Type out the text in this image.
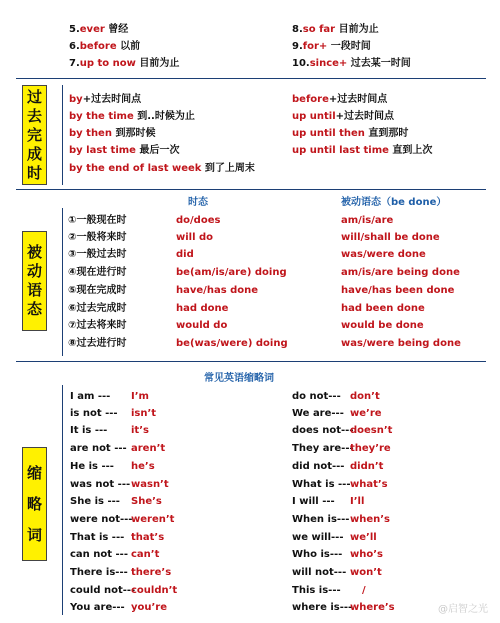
5.ever 曾经
6.before 以前
7.up to now 目前为止
8.so far 目前为止
9.for+ 一段时间
10.since+ 过去某一时间
过
去
完
成
时
by+过去时间点
by the time 到..时候为止
by then 到那时候
by last time 最后一次
by the end of last week 到了上周末
before+过去时间点
up until+过去时间点
up until then 直到那时
up until last time 直到上次
时态	被动语态（be done）
被
动
语
态
①一般现在时	do/does	am/is/are
②一般将来时	will do	will/shall be done
③一般过去时	did	was/were done
④现在进行时	be(am/is/are) doing	am/is/are being done
⑤现在完成时	have/has done	have/has been done
⑥过去完成时	had done	had been done
⑦过去将来时	would do	would be done
⑧过去进行时	be(was/were) doing	was/were being done
常见英语缩略词
缩
略
词
I am --- I’m
is not --- isn’t
It is --- it’s
are not --- aren’t
He is --- he’s
was not --- wasn’t
She is --- She’s
were not---
weren’t
That is --- that’s
can not --- can’t
There is--- there’s
could not---
couldn’t
You are--- you’re
do not--- don’t
We are--- we’re
does not---
doesn’t
They are---
they’re
did not--- didn’t
What is --- what’s
I will --- I’ll
When is--- when’s
we will--- we’ll
Who is--- who’s
will not--- won’t
This is--- /
where is---
where’s	@启智之光
